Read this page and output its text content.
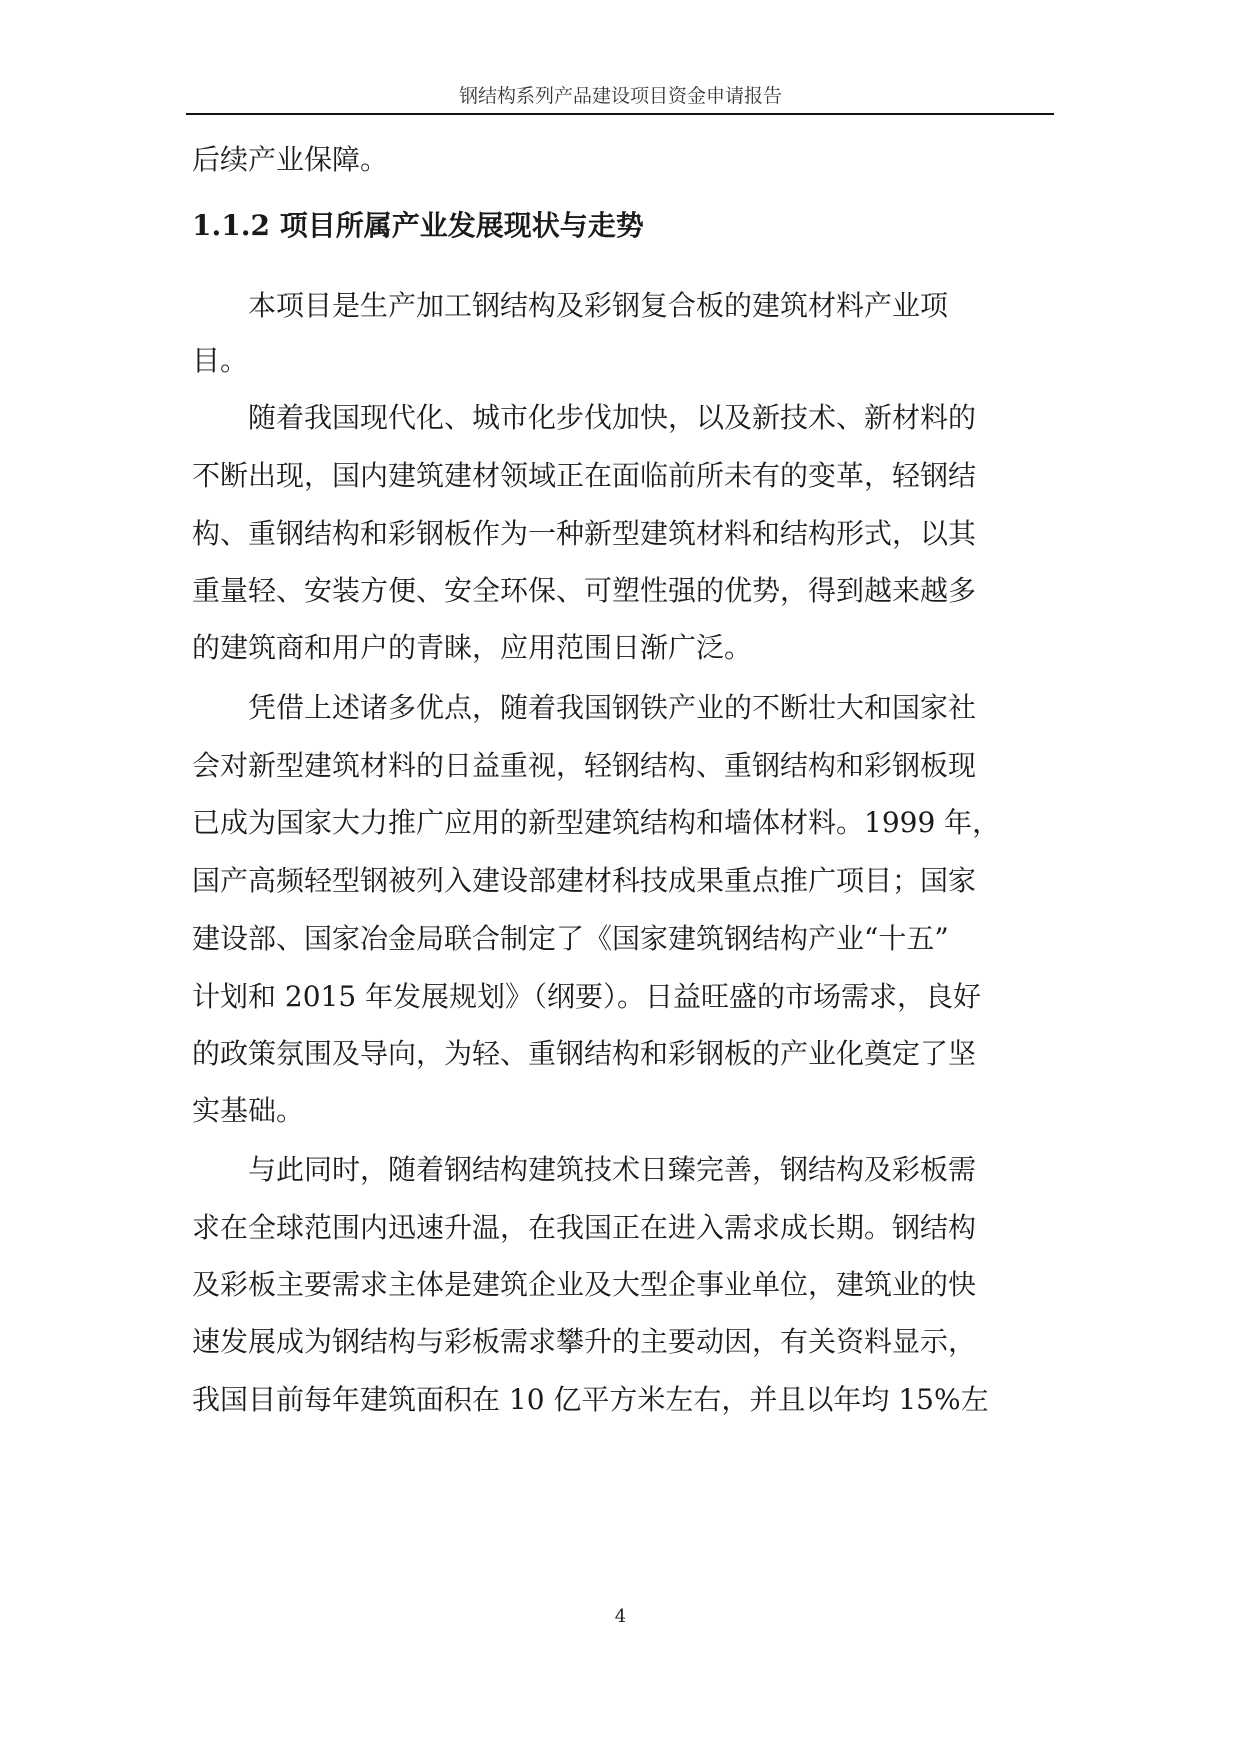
钢结构系列产品建设项目资金申请报告
后续产业保障。
1.1.2 项目所属产业发展现状与走势
　　本项目是生产加工钢结构及彩钢复合板的建筑材料产业项
目。
　　随着我国现代化、城市化步伐加快，以及新技术、新材料的
不断出现，国内建筑建材领域正在面临前所未有的变革，轻钢结
构、重钢结构和彩钢板作为一种新型建筑材料和结构形式，以其
重量轻、安装方便、安全环保、可塑性强的优势，得到越来越多
的建筑商和用户的青睐，应用范围日渐广泛。
　　凭借上述诸多优点，随着我国钢铁产业的不断壮大和国家社
会对新型建筑材料的日益重视，轻钢结构、重钢结构和彩钢板现
已成为国家大力推广应用的新型建筑结构和墙体材料。1999 年，
国产高频轻型钢被列入建设部建材科技成果重点推广项目；国家
建设部、国家冶金局联合制定了《国家建筑钢结构产业“十五”
计划和 2015 年发展规划》（纲要）。日益旺盛的市场需求，良好
的政策氛围及导向，为轻、重钢结构和彩钢板的产业化奠定了坚
实基础。
　　与此同时，随着钢结构建筑技术日臻完善，钢结构及彩板需
求在全球范围内迅速升温，在我国正在进入需求成长期。钢结构
及彩板主要需求主体是建筑企业及大型企事业单位，建筑业的快
速发展成为钢结构与彩板需求攀升的主要动因，有关资料显示，
我国目前每年建筑面积在 10 亿平方米左右，并且以年均 15%左
4
